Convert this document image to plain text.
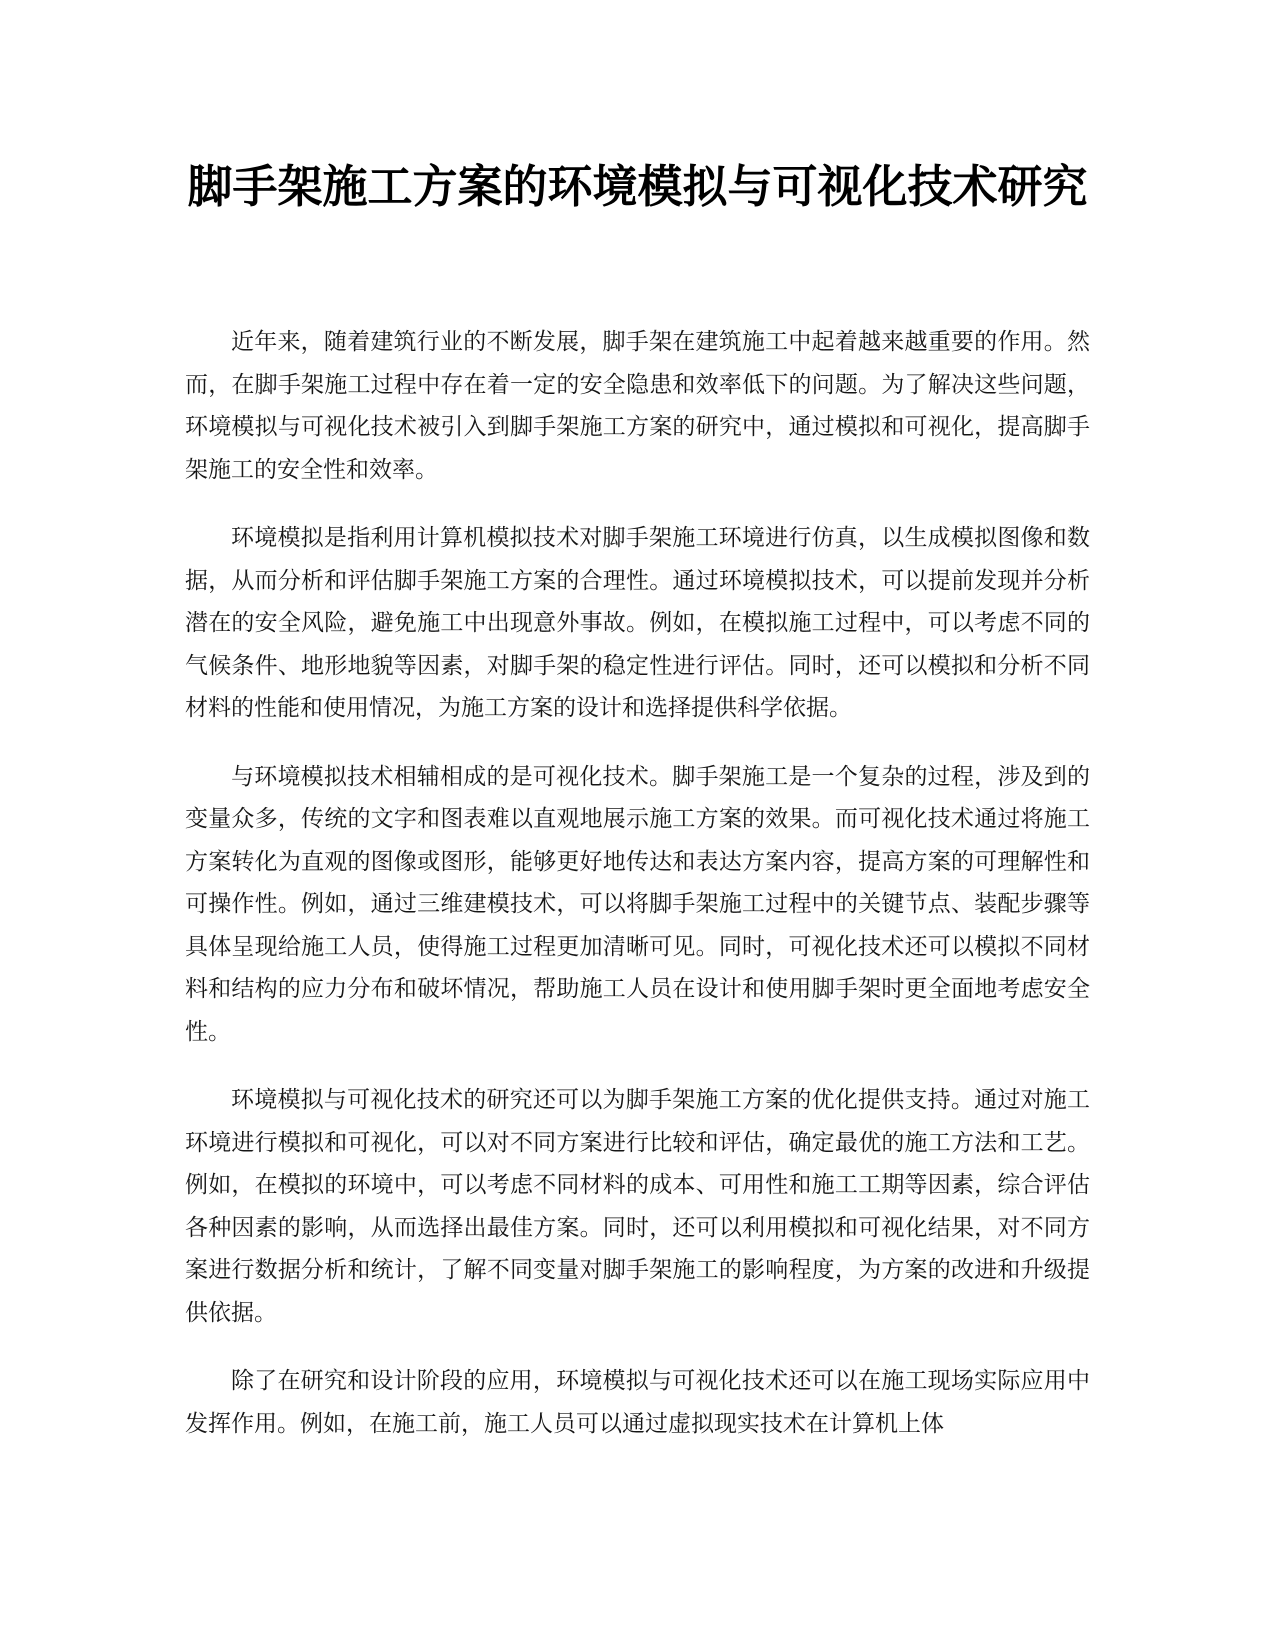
脚手架施工方案的环境模拟与可视化技术研究

近年来，随着建筑行业的不断发展，脚手架在建筑施工中起着越来越重要的作用。然而，在脚手架施工过程中存在着一定的安全隐患和效率低下的问题。为了解决这些问题，环境模拟与可视化技术被引入到脚手架施工方案的研究中，通过模拟和可视化，提高脚手架施工的安全性和效率。

环境模拟是指利用计算机模拟技术对脚手架施工环境进行仿真，以生成模拟图像和数据，从而分析和评估脚手架施工方案的合理性。通过环境模拟技术，可以提前发现并分析潜在的安全风险，避免施工中出现意外事故。例如，在模拟施工过程中，可以考虑不同的气候条件、地形地貌等因素，对脚手架的稳定性进行评估。同时，还可以模拟和分析不同材料的性能和使用情况，为施工方案的设计和选择提供科学依据。

与环境模拟技术相辅相成的是可视化技术。脚手架施工是一个复杂的过程，涉及到的变量众多，传统的文字和图表难以直观地展示施工方案的效果。而可视化技术通过将施工方案转化为直观的图像或图形，能够更好地传达和表达方案内容，提高方案的可理解性和可操作性。例如，通过三维建模技术，可以将脚手架施工过程中的关键节点、装配步骤等具体呈现给施工人员，使得施工过程更加清晰可见。同时，可视化技术还可以模拟不同材料和结构的应力分布和破坏情况，帮助施工人员在设计和使用脚手架时更全面地考虑安全性。

环境模拟与可视化技术的研究还可以为脚手架施工方案的优化提供支持。通过对施工环境进行模拟和可视化，可以对不同方案进行比较和评估，确定最优的施工方法和工艺。例如，在模拟的环境中，可以考虑不同材料的成本、可用性和施工工期等因素，综合评估各种因素的影响，从而选择出最佳方案。同时，还可以利用模拟和可视化结果，对不同方案进行数据分析和统计，了解不同变量对脚手架施工的影响程度，为方案的改进和升级提供依据。

除了在研究和设计阶段的应用，环境模拟与可视化技术还可以在施工现场实际应用中发挥作用。例如，在施工前，施工人员可以通过虚拟现实技术在计算机上体
